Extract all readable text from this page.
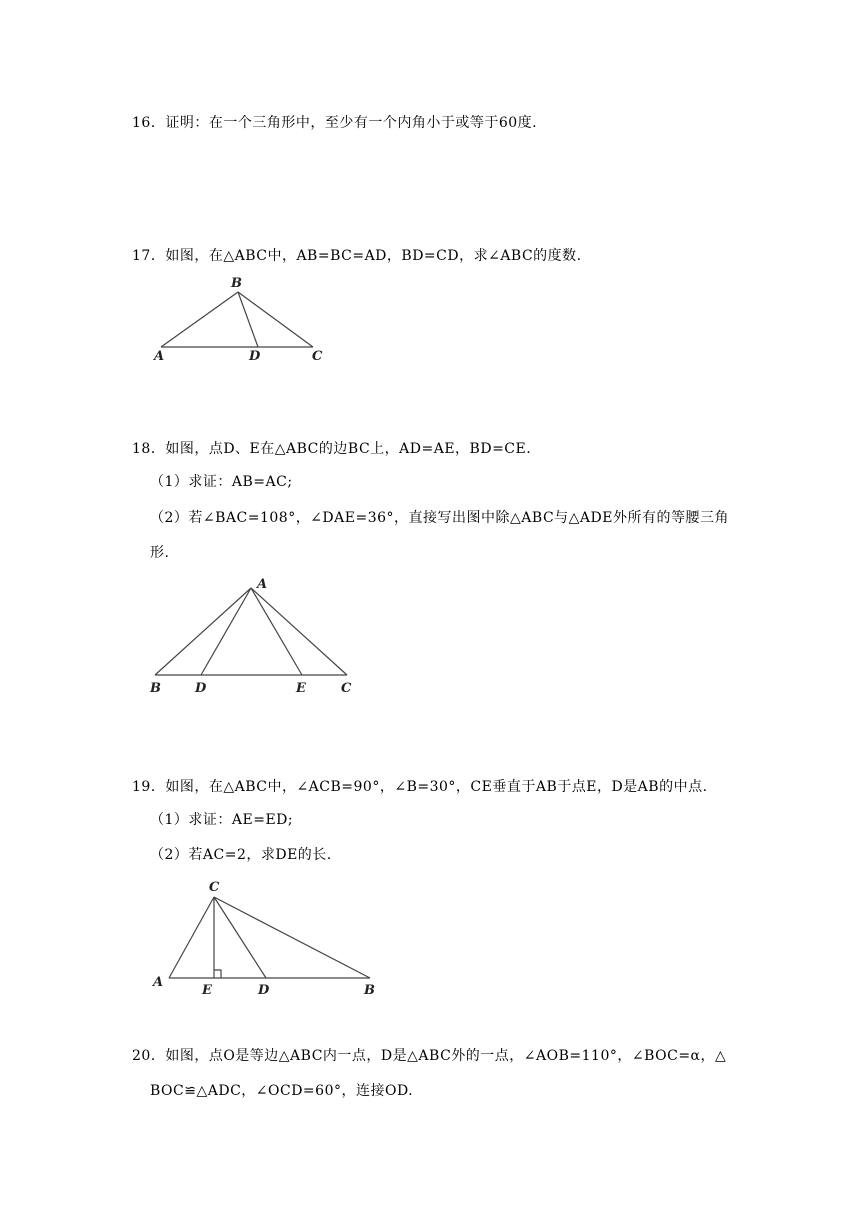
16．证明：在一个三角形中，至少有一个内角小于或等于60度.
17．如图，在△ABC中，AB=BC=AD，BD=CD，求∠ABC的度数.
B
A	D	C
18．如图，点D、E在△ABC的边BC上，AD=AE，BD=CE.
（1）求证：AB=AC;
（2）若∠BAC=108°，∠DAE=36°，直接写出图中除△ABC与△ADE外所有的等腰三角
形.
A
B	D	E	C
19．如图，在△ABC中，∠ACB=90°，∠B=30°，CE垂直于AB于点E，D是AB的中点.
（1）求证：AE=ED;
（2）若AC=2，求DE的长.
C
A
E	D	B
20．如图，点O是等边△ABC内一点，D是△ABC外的一点，∠AOB=110°，∠BOC=α，△
BOC≌△ADC，∠OCD=60°，连接OD.
